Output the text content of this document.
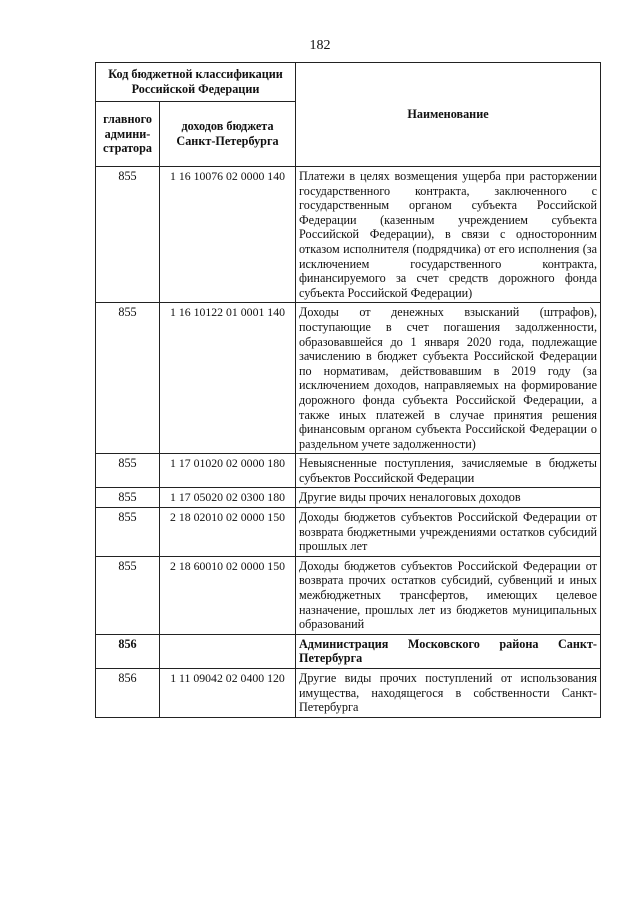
182
Код бюджетной классификации Российской Федерации		Наименование
главного админи-стратора	доходов бюджета Санкт-Петербурга	
855	1 16 10076 02 0000 140	Платежи в целях возмещения ущерба при расторжении государственного контракта, заключенного с государственным органом субъекта Российской Федерации (казенным учреждением субъекта Российской Федерации), в связи с односторонним отказом исполнителя (подрядчика) от его исполнения (за исключением государственного контракта, финансируемого за счет средств дорожного фонда субъекта Российской Федерации)
855	1 16 10122 01 0001 140	Доходы от денежных взысканий (штрафов), поступающие в счет погашения задолженности, образовавшейся до 1 января 2020 года, подлежащие зачислению в бюджет субъекта Российской Федерации по нормативам, действовавшим в 2019 году (за исключением доходов, направляемых на формирование дорожного фонда субъекта Российской Федерации, а также иных платежей в случае принятия решения финансовым органом субъекта Российской Федерации о раздельном учете задолженности)
855	1 17 01020 02 0000 180	Невыясненные поступления, зачисляемые в бюджеты субъектов Российской Федерации
855	1 17 05020 02 0300 180	Другие виды прочих неналоговых доходов
855	2 18 02010 02 0000 150	Доходы бюджетов субъектов Российской Федерации от возврата бюджетными учреждениями остатков субсидий прошлых лет
855	2 18 60010 02 0000 150	Доходы бюджетов субъектов Российской Федерации от возврата прочих остатков субсидий, субвенций и иных межбюджетных трансфертов, имеющих целевое назначение, прошлых лет из бюджетов муниципальных образований
856		Администрация Московского района Санкт-Петербурга
856	1 11 09042 02 0400 120	Другие виды прочих поступлений от использования имущества, находящегося в собственности Санкт-Петербурга
